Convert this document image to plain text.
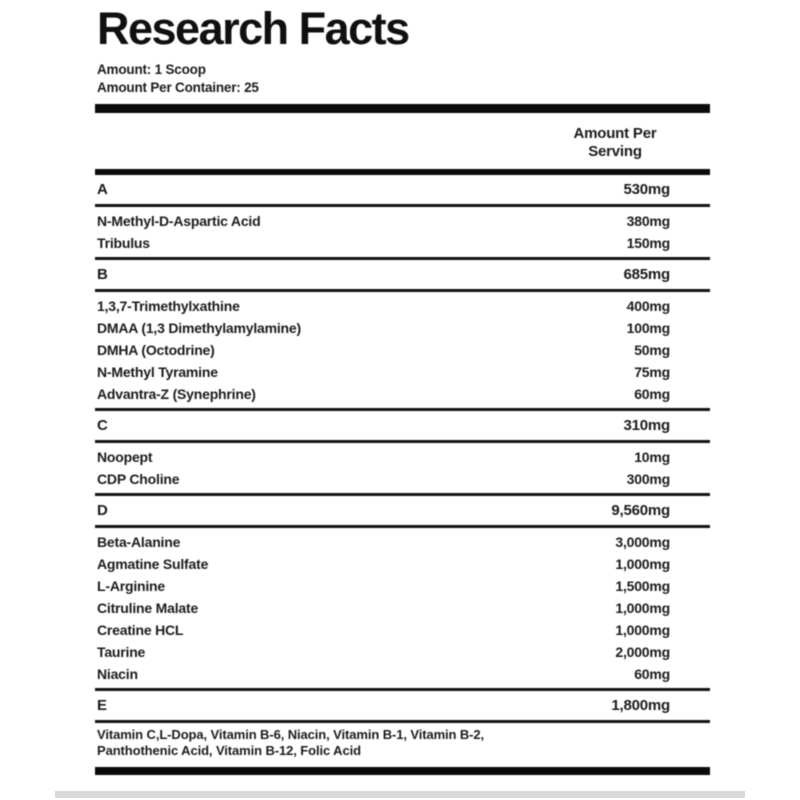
Research Facts
Amount: 1 Scoop
Amount Per Container: 25
Amount Per
Serving
A	530mg
N-Methyl-D-Aspartic Acid	380mg
Tribulus	150mg
B	685mg
1,3,7-Trimethylxathine	400mg
DMAA (1,3 Dimethylamylamine)	100mg
DMHA (Octodrine)	50mg
N-Methyl Tyramine	75mg
Advantra-Z (Synephrine)	60mg
C	310mg
Noopept	10mg
CDP Choline	300mg
D	9,560mg
Beta-Alanine	3,000mg
Agmatine Sulfate	1,000mg
L-Arginine	1,500mg
Citruline Malate	1,000mg
Creatine HCL	1,000mg
Taurine	2,000mg
Niacin	60mg
E	1,800mg
Vitamin C,L-Dopa, Vitamin B-6, Niacin, Vitamin B-1, Vitamin B-2,
Panthothenic Acid, Vitamin B-12, Folic Acid
